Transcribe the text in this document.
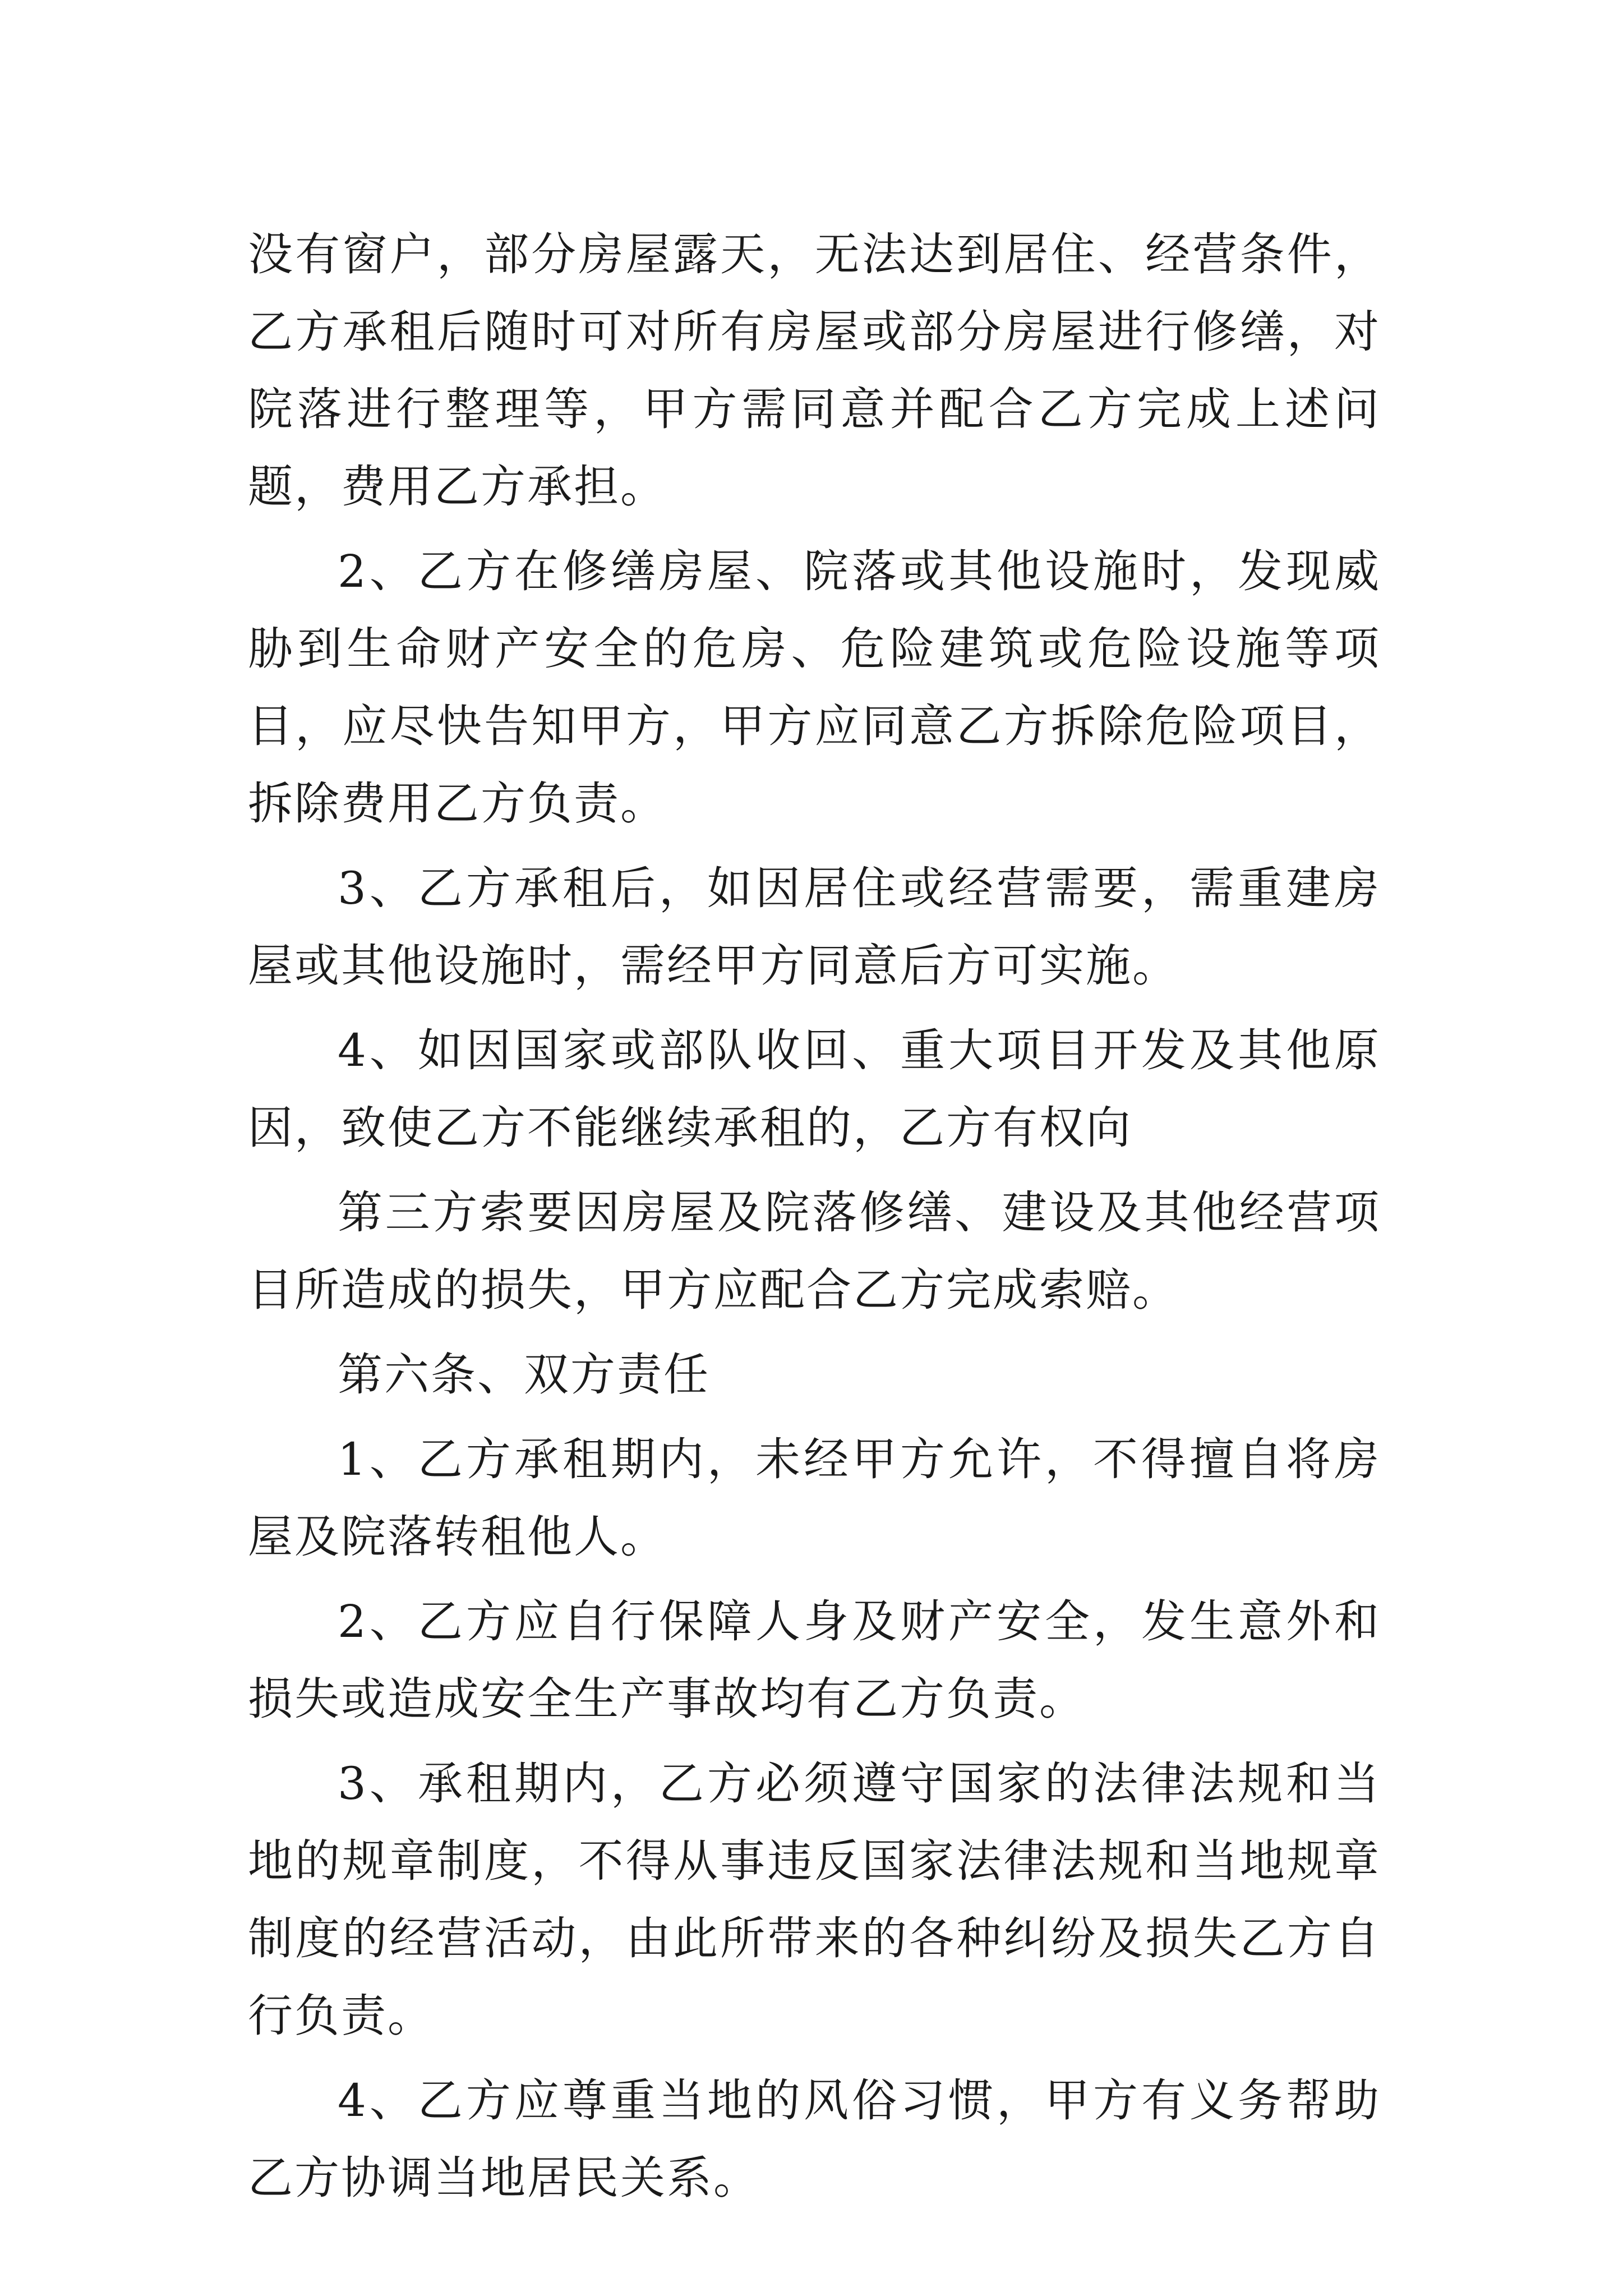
没有窗户，部分房屋露天，无法达到居住、经营条件，乙方承租后随时可对所有房屋或部分房屋进行修缮，对院落进行整理等，甲方需同意并配合乙方完成上述问题，费用乙方承担。

2、乙方在修缮房屋、院落或其他设施时，发现威胁到生命财产安全的危房、危险建筑或危险设施等项目，应尽快告知甲方，甲方应同意乙方拆除危险项目，拆除费用乙方负责。

3、乙方承租后，如因居住或经营需要，需重建房屋或其他设施时，需经甲方同意后方可实施。

4、如因国家或部队收回、重大项目开发及其他原因，致使乙方不能继续承租的，乙方有权向

第三方索要因房屋及院落修缮、建设及其他经营项目所造成的损失，甲方应配合乙方完成索赔。

第六条、双方责任

1、乙方承租期内，未经甲方允许，不得擅自将房屋及院落转租他人。

2、乙方应自行保障人身及财产安全，发生意外和损失或造成安全生产事故均有乙方负责。

3、承租期内，乙方必须遵守国家的法律法规和当地的规章制度，不得从事违反国家法律法规和当地规章制度的经营活动，由此所带来的各种纠纷及损失乙方自行负责。

4、乙方应尊重当地的风俗习惯，甲方有义务帮助乙方协调当地居民关系。
